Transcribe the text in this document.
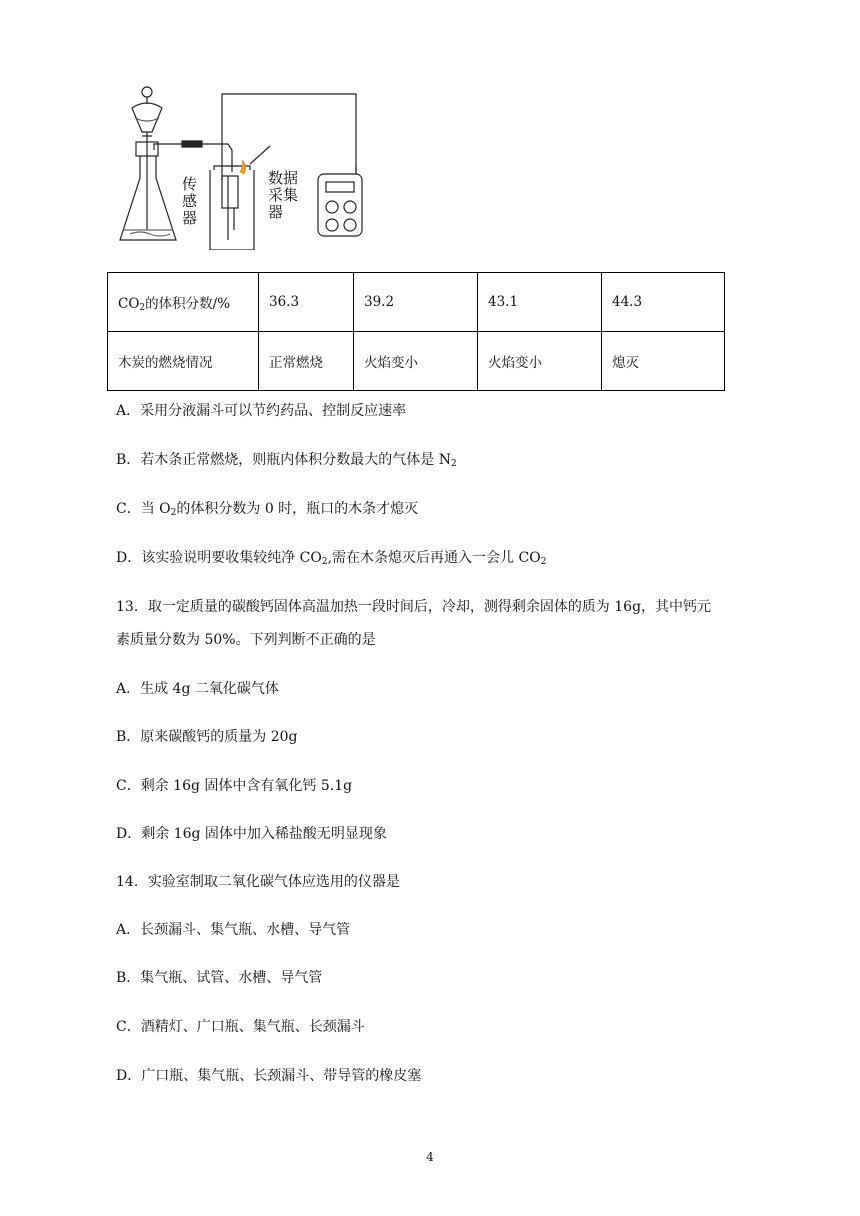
传
感
器
数据
采集
器
$CO_2$的体积分数/%	36.3	39.2	43.1	44.3
木炭的燃烧情况	正常燃烧	火焰变小	火焰变小	熄灭
A．采用分液漏斗可以节约药品、控制反应速率
B．若木条正常燃烧，则瓶内体积分数最大的气体是 $N_2$
C．当 $O_2$的体积分数为 0 时，瓶口的木条才熄灭
D．该实验说明要收集较纯净 $CO_2$,需在木条熄灭后再通入一会儿 $CO_2$
13．取一定质量的碳酸钙固体高温加热一段时间后，冷却，测得剩余固体的质为 16g，其中钙元
素质量分数为 50%。下列判断不正确的是
A．生成 4g 二氧化碳气体
B．原来碳酸钙的质量为 20g
C．剩余 16g 固体中含有氧化钙 5.1g
D．剩余 16g 固体中加入稀盐酸无明显现象
14．实验室制取二氧化碳气体应选用的仪器是
A．长颈漏斗、集气瓶、水槽、导气管
B．集气瓶、试管、水槽、导气管
C．酒精灯、广口瓶、集气瓶、长颈漏斗
D．广口瓶、集气瓶、长颈漏斗、带导管的橡皮塞
4
